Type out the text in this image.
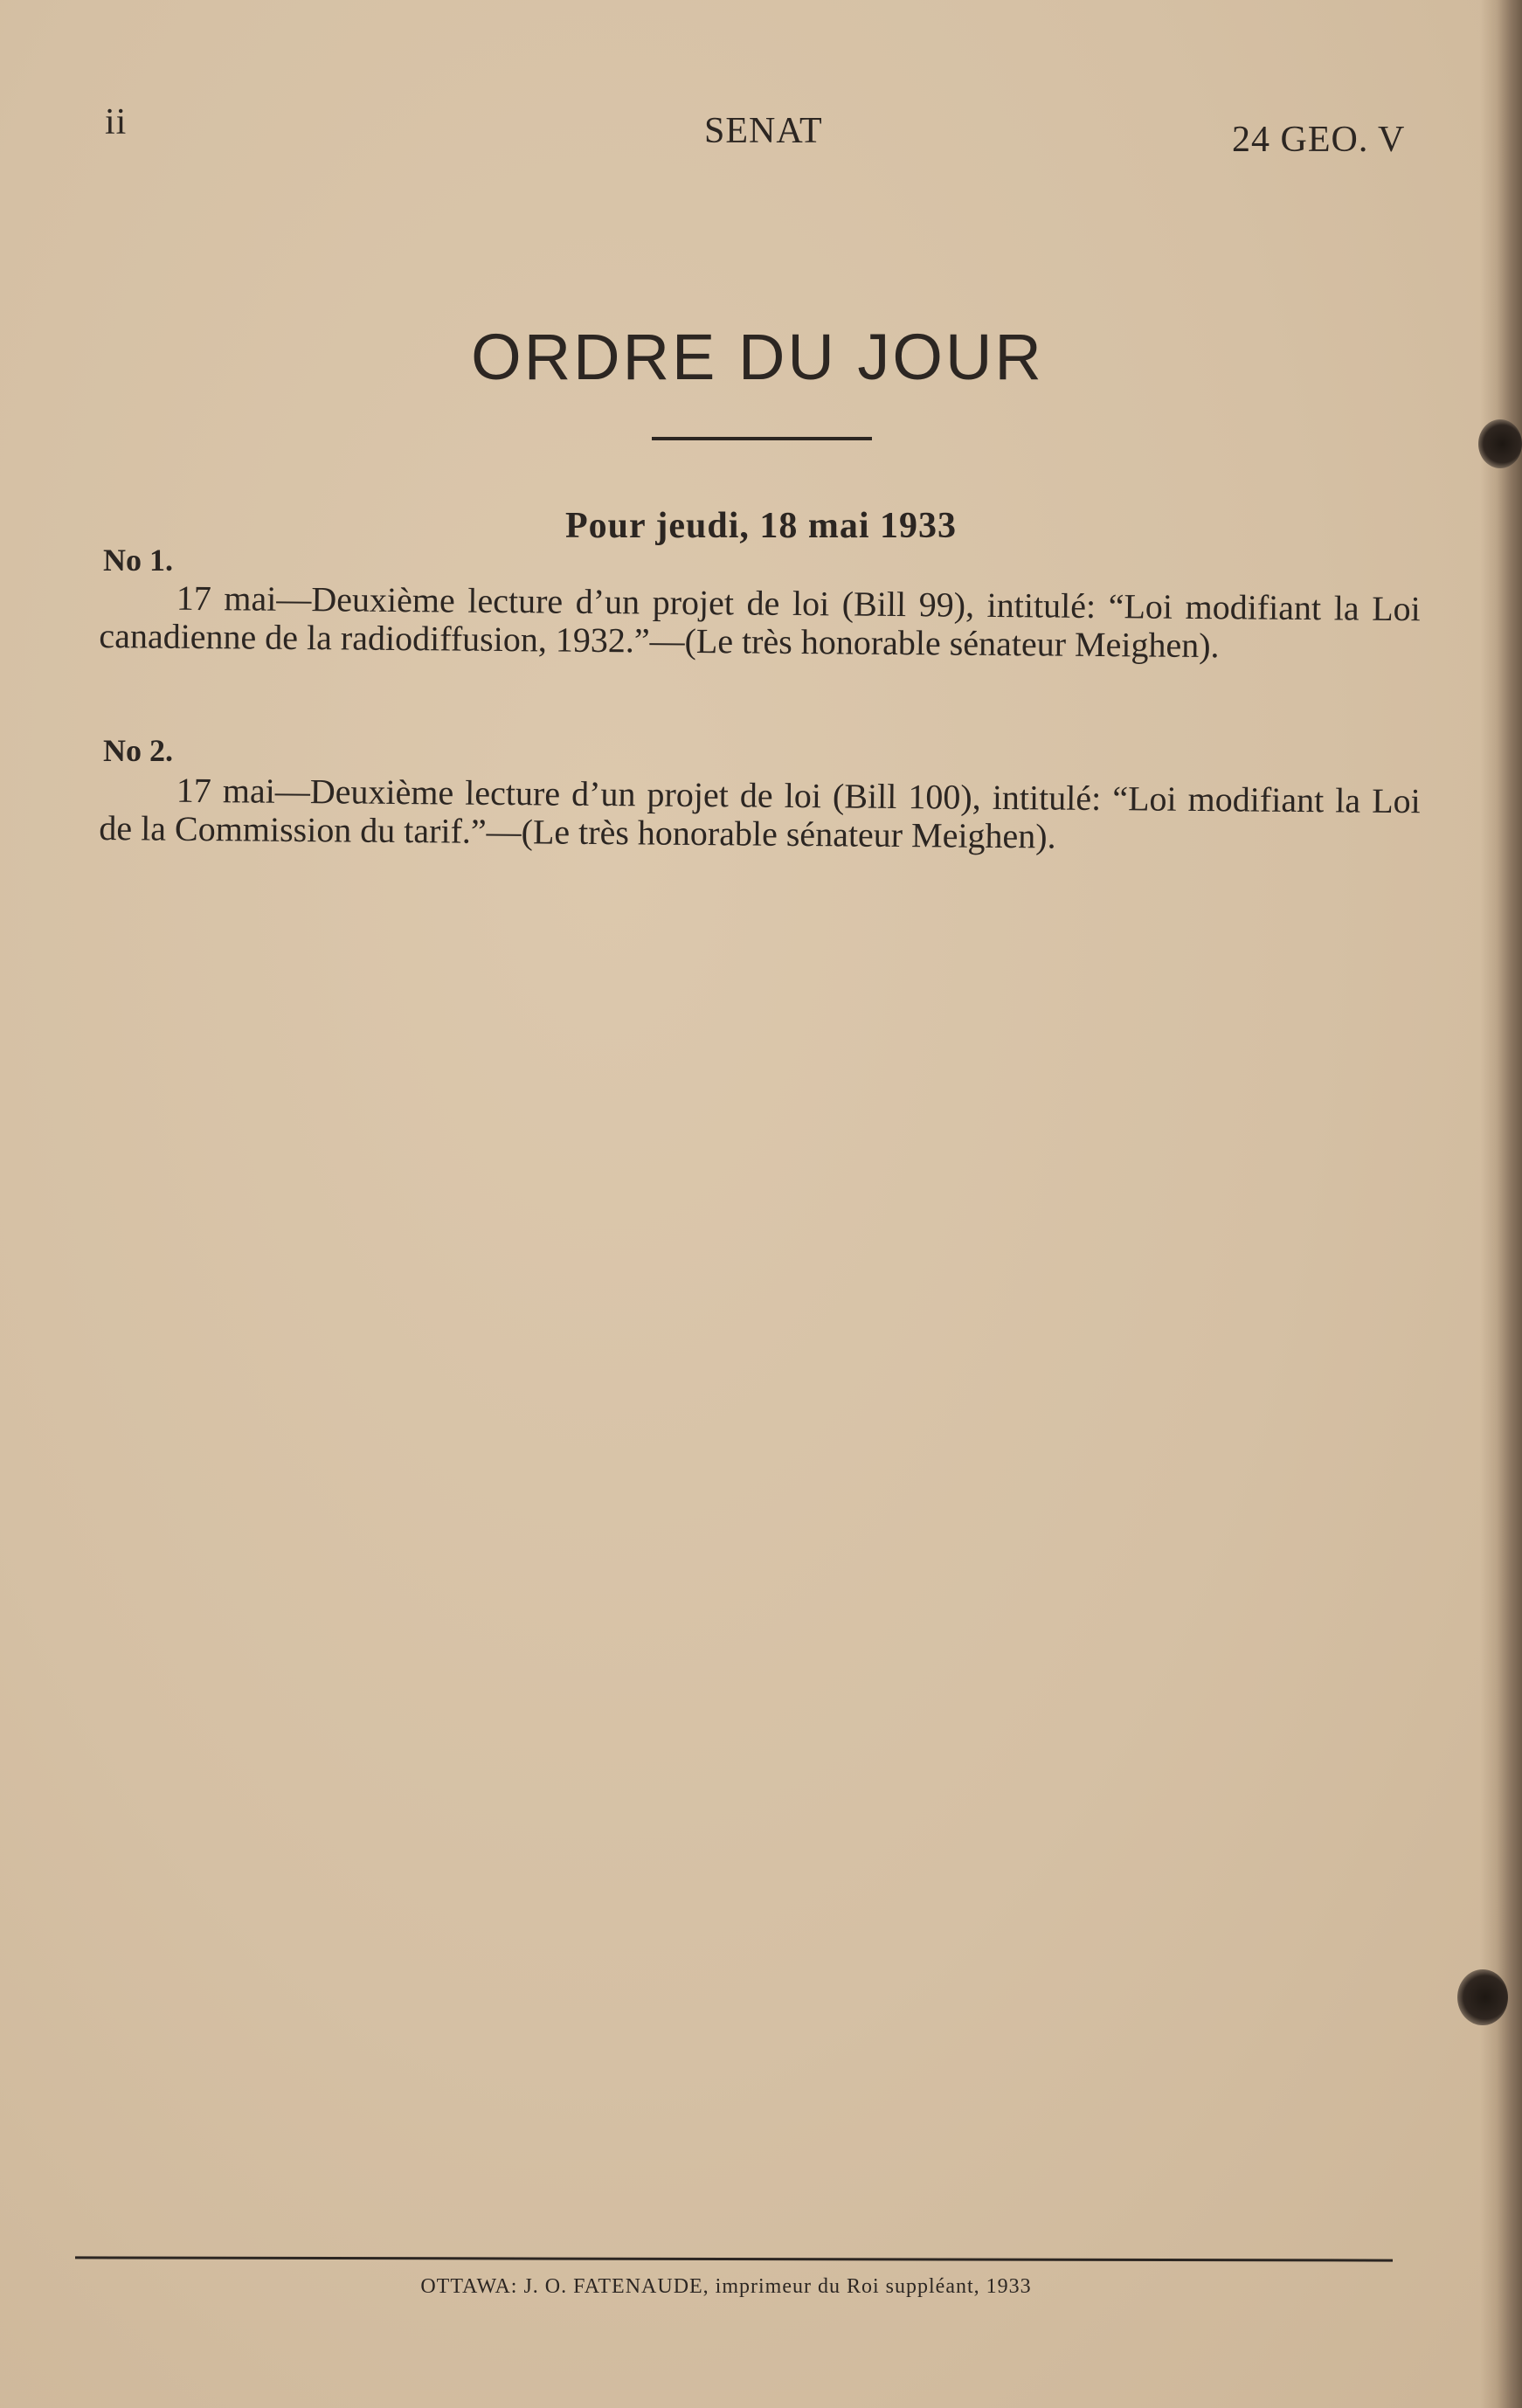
ii	SENAT	24 GEO. V
ORDRE DU JOUR
Pour jeudi, 18 mai 1933
No 1.
17 mai—Deuxième lecture d’un projet de loi (Bill 99), intitulé: “Loi modifiant la Loi canadienne de la radiodiffusion, 1932.”—(Le très honorable sénateur Meighen).
No 2.
17 mai—Deuxième lecture d’un projet de loi (Bill 100), intitulé: “Loi modifiant la Loi de la Commission du tarif.”—(Le très honorable sénateur Meighen).
OTTAWA: J. O. FATENAUDE, imprimeur du Roi suppléant, 1933
